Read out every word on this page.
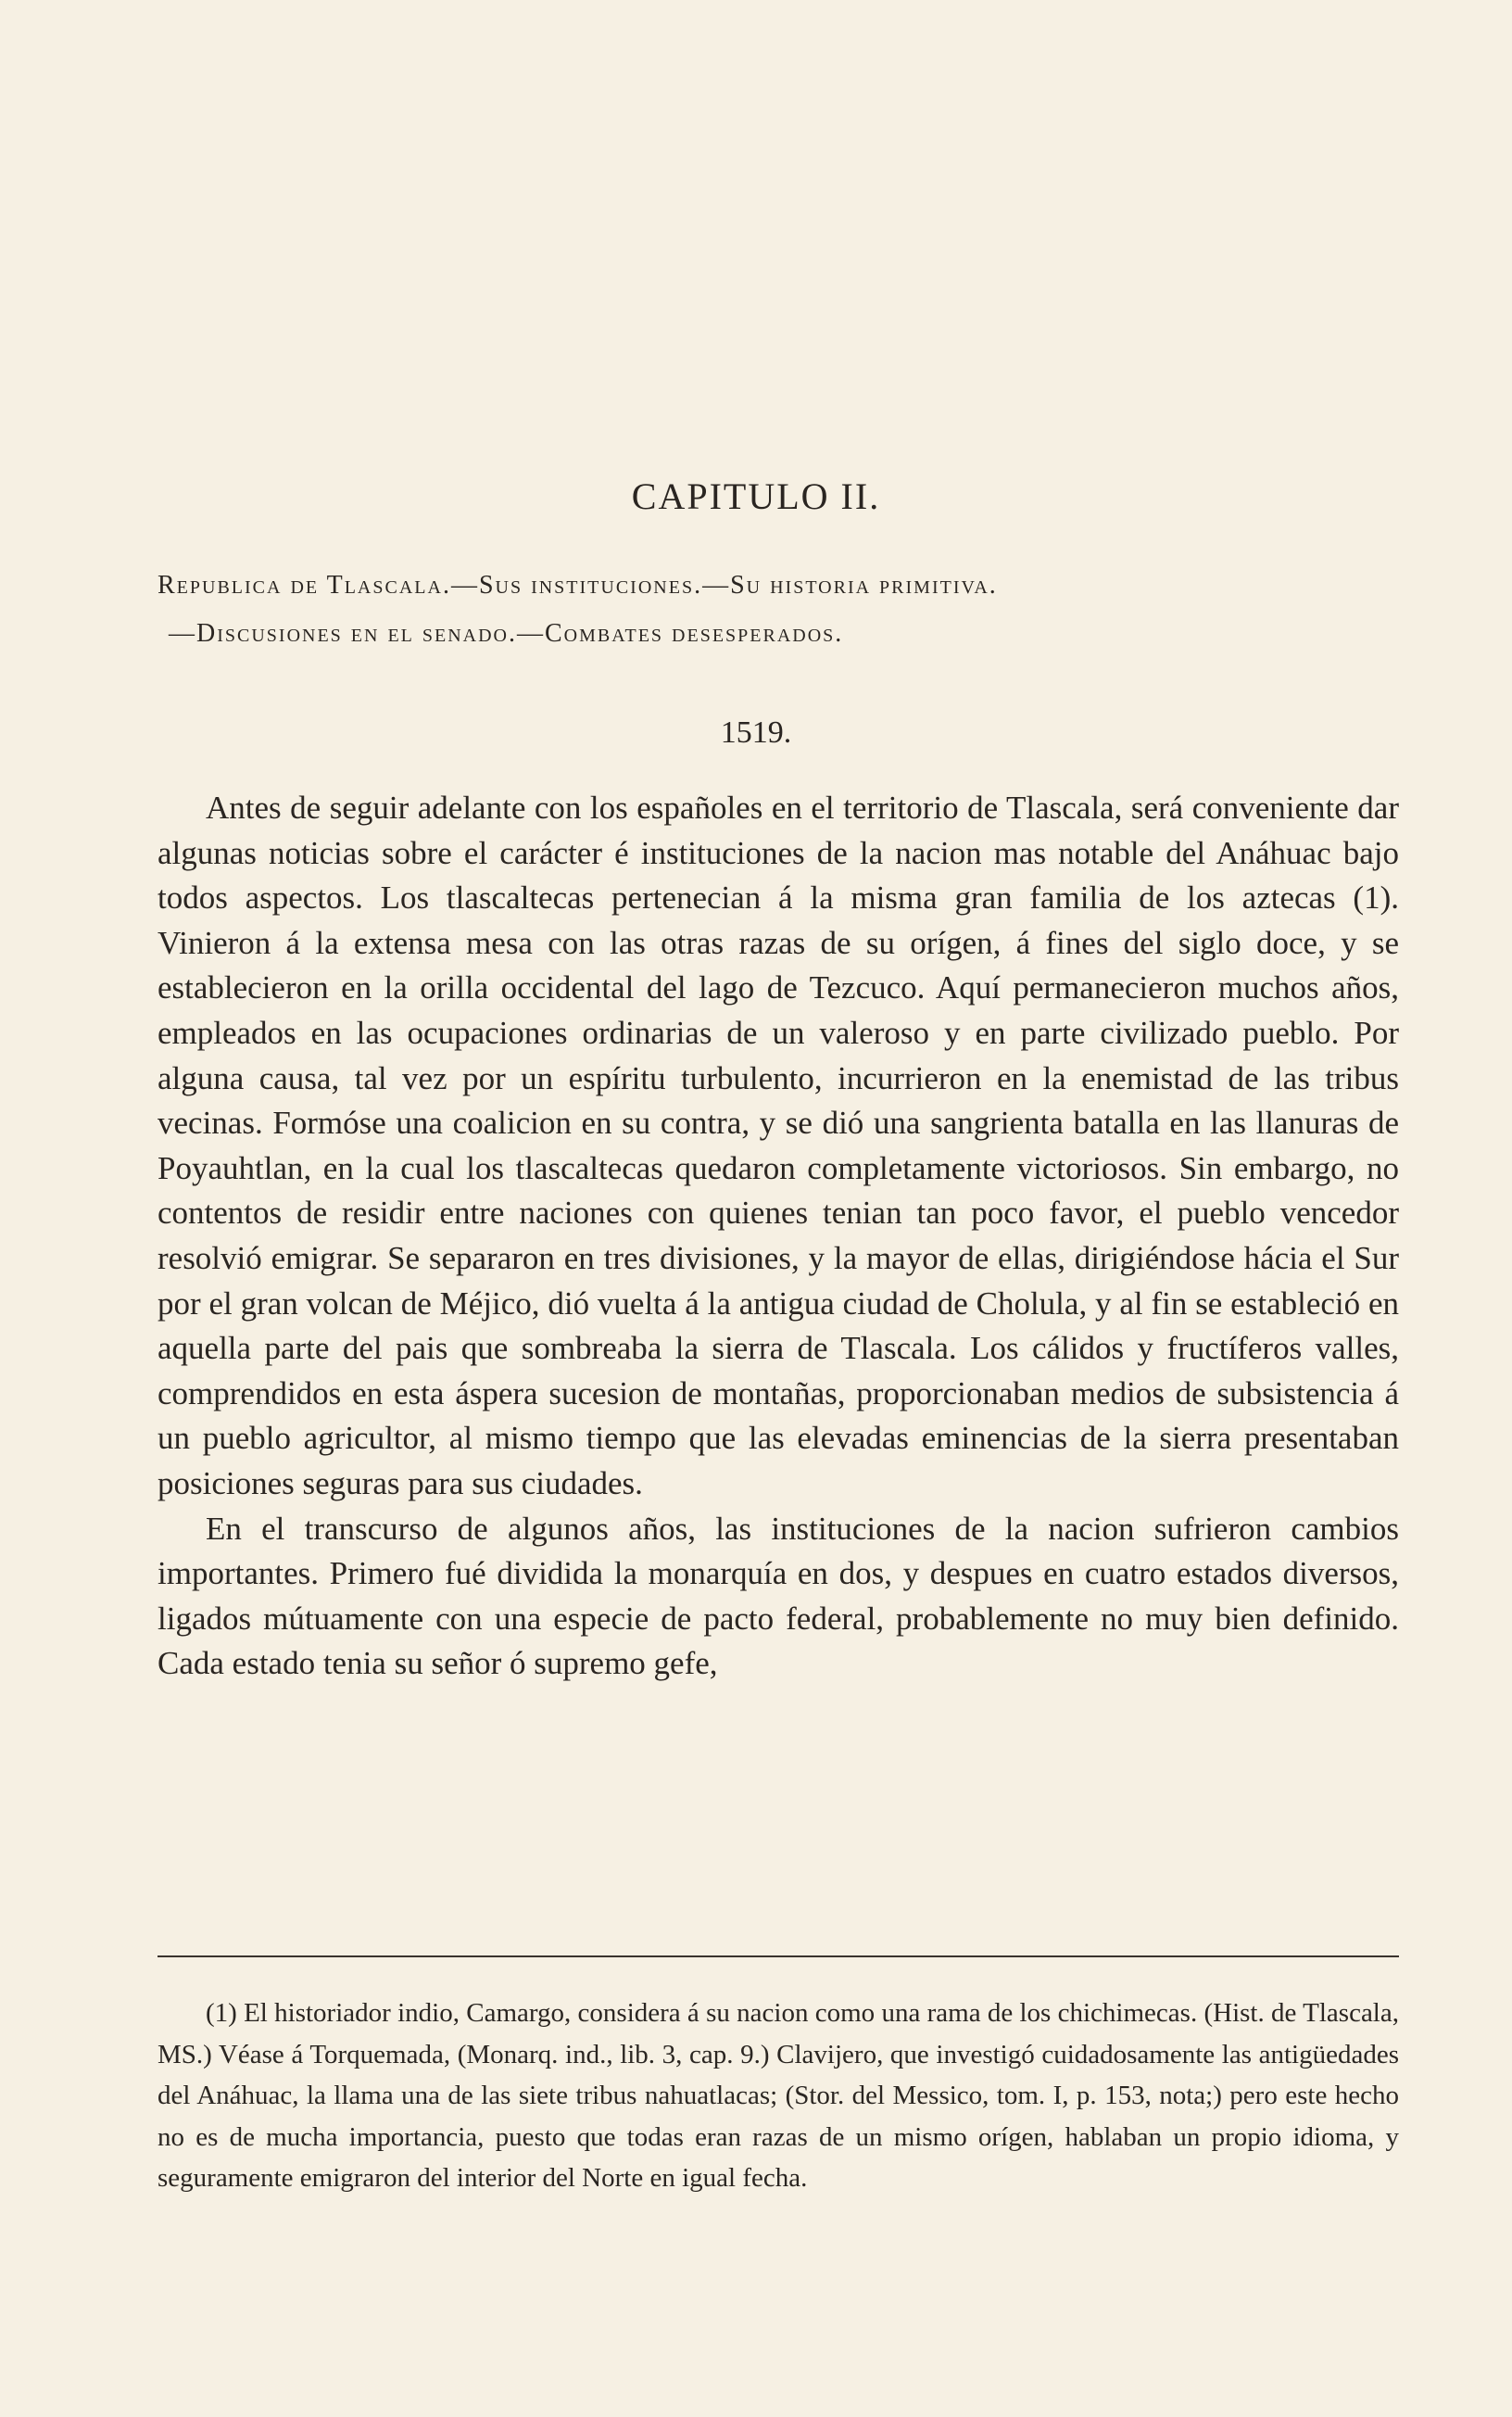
CAPITULO II.
Republica de Tlascala.—Sus instituciones.—Su historia primitiva.
—Discusiones en el senado.—Combates desesperados.
1519.

Antes de seguir adelante con los españoles en el territorio de Tlascala, será conveniente dar algunas noticias sobre el carácter é instituciones de la nacion mas notable del Anáhuac bajo todos aspectos. Los tlascaltecas pertenecian á la misma gran familia de los aztecas (1). Vinieron á la extensa mesa con las otras razas de su orígen, á fines del siglo doce, y se establecieron en la orilla occidental del lago de Tezcuco. Aquí permanecieron muchos años, empleados en las ocupaciones ordinarias de un valeroso y en parte civilizado pueblo. Por alguna causa, tal vez por un espíritu turbulento, incurrieron en la enemistad de las tribus vecinas. Formóse una coalicion en su contra, y se dió una sangrienta batalla en las llanuras de Poyauhtlan, en la cual los tlascaltecas quedaron completamente victoriosos. Sin embargo, no contentos de residir entre naciones con quienes tenian tan poco favor, el pueblo vencedor resolvió emigrar. Se separaron en tres divisiones, y la mayor de ellas, dirigiéndose hácia el Sur por el gran volcan de Méjico, dió vuelta á la antigua ciudad de Cholula, y al fin se estableció en aquella parte del pais que sombreaba la sierra de Tlascala. Los cálidos y fructíferos valles, comprendidos en esta áspera sucesion de montañas, proporcionaban medios de subsistencia á un pueblo agricultor, al mismo tiempo que las elevadas eminencias de la sierra presentaban posiciones seguras para sus ciudades.

En el transcurso de algunos años, las instituciones de la nacion sufrieron cambios importantes. Primero fué dividida la monarquía en dos, y despues en cuatro estados diversos, ligados mútuamente con una especie de pacto federal, probablemente no muy bien definido. Cada estado tenia su señor ó supremo gefe,

(1) El historiador indio, Camargo, considera á su nacion como una rama de los chichimecas. (Hist. de Tlascala, MS.) Véase á Torquemada, (Monarq. ind., lib. 3, cap. 9.) Clavijero, que investigó cuidadosamente las antigüedades del Anáhuac, la llama una de las siete tribus nahuatlacas; (Stor. del Messico, tom. I, p. 153, nota;) pero este hecho no es de mucha importancia, puesto que todas eran razas de un mismo orígen, hablaban un propio idioma, y seguramente emigraron del interior del Norte en igual fecha.
